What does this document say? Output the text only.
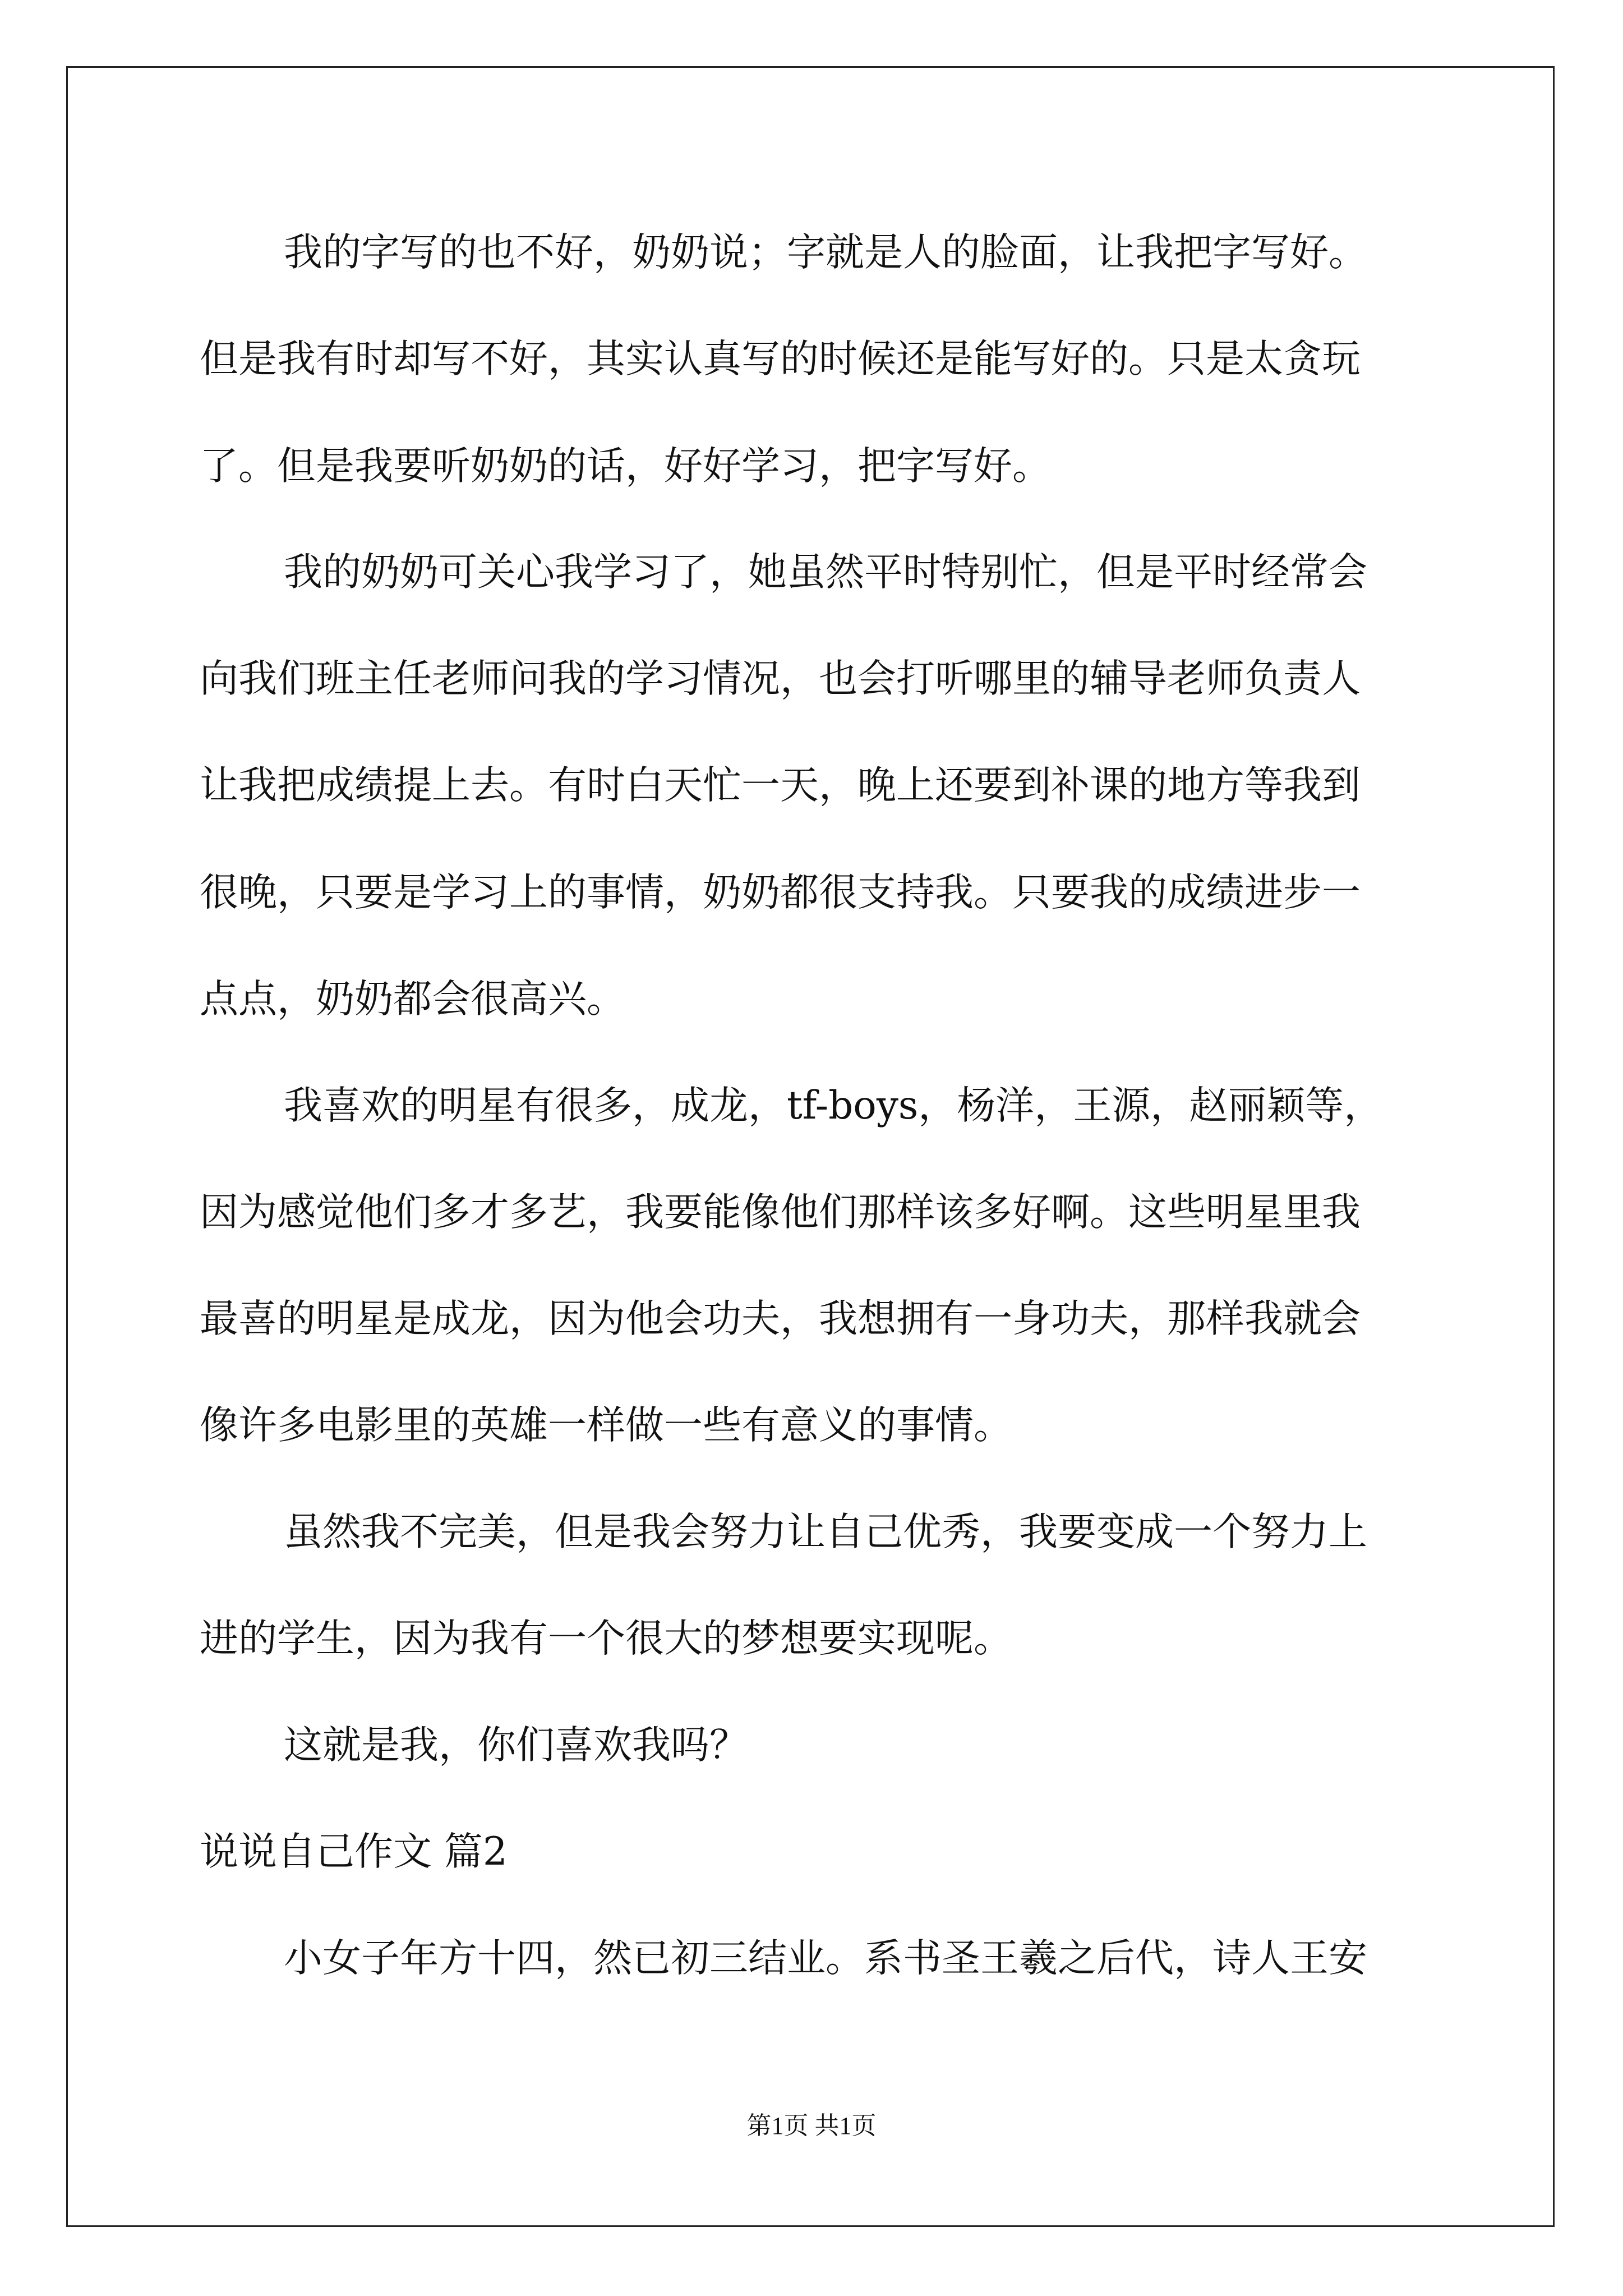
我的字写的也不好，奶奶说；字就是人的脸面，让我把字写好。
但是我有时却写不好，其实认真写的时候还是能写好的。只是太贪玩
了。但是我要听奶奶的话，好好学习，把字写好。
我的奶奶可关心我学习了，她虽然平时特别忙，但是平时经常会
向我们班主任老师问我的学习情况，也会打听哪里的辅导老师负责人
让我把成绩提上去。有时白天忙一天，晚上还要到补课的地方等我到
很晚，只要是学习上的事情，奶奶都很支持我。只要我的成绩进步一
点点，奶奶都会很高兴。
我喜欢的明星有很多，成龙，tf-boys，杨洋，王源，赵丽颖等，
因为感觉他们多才多艺，我要能像他们那样该多好啊。这些明星里我
最喜的明星是成龙，因为他会功夫，我想拥有一身功夫，那样我就会
像许多电影里的英雄一样做一些有意义的事情。
虽然我不完美，但是我会努力让自己优秀，我要变成一个努力上
进的学生，因为我有一个很大的梦想要实现呢。
这就是我，你们喜欢我吗？
说说自己作文 篇2
小女子年方十四，然已初三结业。系书圣王羲之后代，诗人王安
第1页 共1页
